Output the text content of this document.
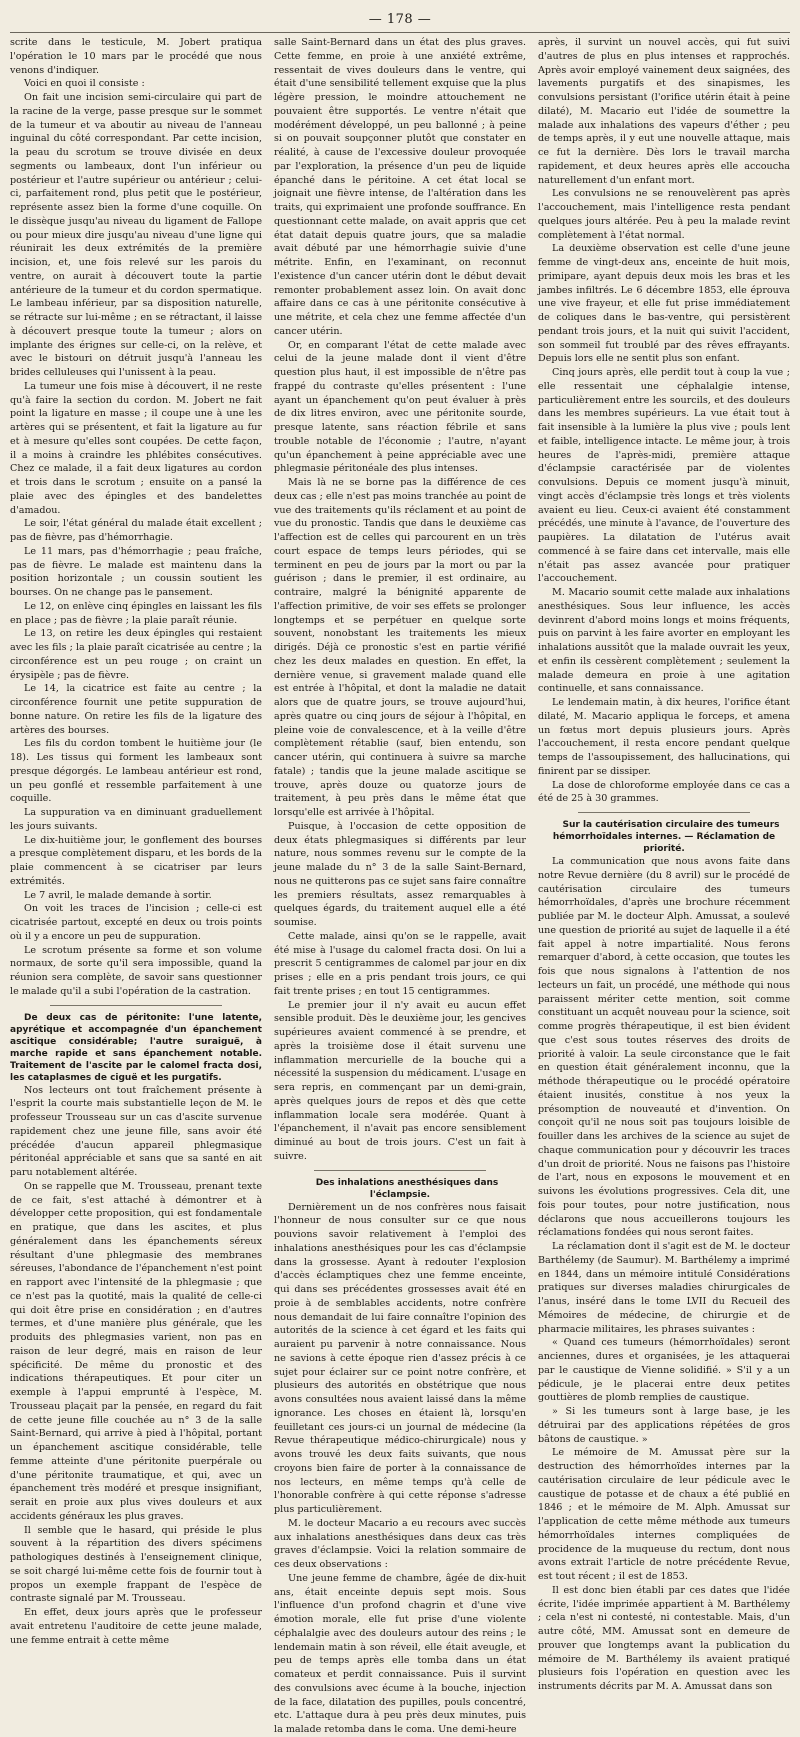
— 178 —

scrite dans le testicule, M. Jobert pratiqua l'opération le 10 mars par le procédé que nous venons d'indiquer.

Voici en quoi il consiste :

On fait une incision semi-circulaire qui part de la racine de la verge, passe presque sur le sommet de la tumeur et va aboutir au niveau de l'anneau inguinal du côté correspondant. Par cette incision, la peau du scrotum se trouve divisée en deux segments ou lambeaux, dont l'un inférieur ou postérieur et l'autre supérieur ou antérieur ; celui-ci, parfaitement rond, plus petit que le postérieur, représente assez bien la forme d'une coquille. On le dissèque jusqu'au niveau du ligament de Fallope ou pour mieux dire jusqu'au niveau d'une ligne qui réunirait les deux extrémités de la première incision, et, une fois relevé sur les parois du ventre, on aurait à découvert toute la partie antérieure de la tumeur et du cordon spermatique. Le lambeau inférieur, par sa disposition naturelle, se rétracte sur lui-même ; en se rétractant, il laisse à découvert presque toute la tumeur ; alors on implante des érignes sur celle-ci, on la relève, et avec le bistouri on détruit jusqu'à l'anneau les brides celluleuses qui l'unissent à la peau.

La tumeur une fois mise à découvert, il ne reste qu'à faire la section du cordon. M. Jobert ne fait point la ligature en masse ; il coupe une à une les artères qui se présentent, et fait la ligature au fur et à mesure qu'elles sont coupées. De cette façon, il a moins à craindre les phlébites consécutives. Chez ce malade, il a fait deux ligatures au cordon et trois dans le scrotum ; ensuite on a pansé la plaie avec des épingles et des bandelettes d'amadou.

Le soir, l'état général du malade était excellent ; pas de fièvre, pas d'hémorrhagie.

Le 11 mars, pas d'hémorrhagie ; peau fraîche, pas de fièvre. Le malade est maintenu dans la position horizontale ; un coussin soutient les bourses. On ne change pas le pansement.

Le 12, on enlève cinq épingles en laissant les fils en place ; pas de fièvre ; la plaie paraît réunie.

Le 13, on retire les deux épingles qui restaient avec les fils ; la plaie paraît cicatrisée au centre ; la circonférence est un peu rouge ; on craint un érysipèle ; pas de fièvre.

Le 14, la cicatrice est faite au centre ; la circonférence fournit une petite suppuration de bonne nature. On retire les fils de la ligature des artères des bourses.

Les fils du cordon tombent le huitième jour (le 18). Les tissus qui forment les lambeaux sont presque dégorgés. Le lambeau antérieur est rond, un peu gonflé et ressemble parfaitement à une coquille.

La suppuration va en diminuant graduellement les jours suivants.

Le dix-huitième jour, le gonflement des bourses a presque complètement disparu, et les bords de la plaie commencent à se cicatriser par leurs extrémités.

Le 7 avril, le malade demande à sortir.

On voit les traces de l'incision ; celle-ci est cicatrisée partout, excepté en deux ou trois points où il y a encore un peu de suppuration.

Le scrotum présente sa forme et son volume normaux, de sorte qu'il sera impossible, quand la réunion sera complète, de savoir sans questionner le malade qu'il a subi l'opération de la castration.

De deux cas de péritonite: l'une latente, apyrétique et accompagnée d'un épanchement ascitique considérable; l'autre suraiguë, à marche rapide et sans épanchement notable. Traitement de l'ascite par le calomel fracta dosi, les cataplasmes de ciguë et les purgatifs.

Nos lecteurs ont tout fraîchement présente à l'esprit la courte mais substantielle leçon de M. le professeur Trousseau sur un cas d'ascite survenue rapidement chez une jeune fille, sans avoir été précédée d'aucun appareil phlegmasique péritonéal appréciable et sans que sa santé en ait paru notablement altérée.

On se rappelle que M. Trousseau, prenant texte de ce fait, s'est attaché à démontrer et à développer cette proposition, qui est fondamentale en pratique, que dans les ascites, et plus généralement dans les épanchements séreux résultant d'une phlegmasie des membranes séreuses, l'abondance de l'épanchement n'est point en rapport avec l'intensité de la phlegmasie ; que ce n'est pas la quotité, mais la qualité de celle-ci qui doit être prise en considération ; en d'autres termes, et d'une manière plus générale, que les produits des phlegmasies varient, non pas en raison de leur degré, mais en raison de leur spécificité. De même du pronostic et des indications thérapeutiques. Et pour citer un exemple à l'appui emprunté à l'espèce, M. Trousseau plaçait par la pensée, en regard du fait de cette jeune fille couchée au n° 3 de la salle Saint-Bernard, qui arrive à pied à l'hôpital, portant un épanchement ascitique considérable, telle femme atteinte d'une péritonite puerpérale ou d'une péritonite traumatique, et qui, avec un épanchement très modéré et presque insignifiant, serait en proie aux plus vives douleurs et aux accidents généraux les plus graves.

Il semble que le hasard, qui préside le plus souvent à la répartition des divers spécimens pathologiques destinés à l'enseignement clinique, se soit chargé lui-même cette fois de fournir tout à propos un exemple frappant de l'espèce de contraste signalé par M. Trousseau.

En effet, deux jours après que le professeur avait entretenu l'auditoire de cette jeune malade, une femme entrait à cette même

salle Saint-Bernard dans un état des plus graves. Cette femme, en proie à une anxiété extrême, ressentait de vives douleurs dans le ventre, qui était d'une sensibilité tellement exquise que la plus légère pression, le moindre attouchement ne pouvaient être supportés. Le ventre n'était que modérément développé, un peu ballonné ; à peine si on pouvait soupçonner plutôt que constater en réalité, à cause de l'excessive douleur provoquée par l'exploration, la présence d'un peu de liquide épanché dans le péritoine. A cet état local se joignait une fièvre intense, de l'altération dans les traits, qui exprimaient une profonde souffrance. En questionnant cette malade, on avait appris que cet état datait depuis quatre jours, que sa maladie avait débuté par une hémorrhagie suivie d'une métrite. Enfin, en l'examinant, on reconnut l'existence d'un cancer utérin dont le début devait remonter probablement assez loin. On avait donc affaire dans ce cas à une péritonite consécutive à une métrite, et cela chez une femme affectée d'un cancer utérin.

Or, en comparant l'état de cette malade avec celui de la jeune malade dont il vient d'être question plus haut, il est impossible de n'être pas frappé du contraste qu'elles présentent : l'une ayant un épanchement qu'on peut évaluer à près de dix litres environ, avec une péritonite sourde, presque latente, sans réaction fébrile et sans trouble notable de l'économie ; l'autre, n'ayant qu'un épanchement à peine appréciable avec une phlegmasie péritonéale des plus intenses.

Mais là ne se borne pas la différence de ces deux cas ; elle n'est pas moins tranchée au point de vue des traitements qu'ils réclament et au point de vue du pronostic. Tandis que dans le deuxième cas l'affection est de celles qui parcourent en un très court espace de temps leurs périodes, qui se terminent en peu de jours par la mort ou par la guérison ; dans le premier, il est ordinaire, au contraire, malgré la bénignité apparente de l'affection primitive, de voir ses effets se prolonger longtemps et se perpétuer en quelque sorte souvent, nonobstant les traitements les mieux dirigés. Déjà ce pronostic s'est en partie vérifié chez les deux malades en question. En effet, la dernière venue, si gravement malade quand elle est entrée à l'hôpital, et dont la maladie ne datait alors que de quatre jours, se trouve aujourd'hui, après quatre ou cinq jours de séjour à l'hôpital, en pleine voie de convalescence, et à la veille d'être complètement rétablie (sauf, bien entendu, son cancer utérin, qui continuera à suivre sa marche fatale) ; tandis que la jeune malade ascitique se trouve, après douze ou quatorze jours de traitement, à peu près dans le même état que lorsqu'elle est arrivée à l'hôpital.

Puisque, à l'occasion de cette opposition de deux états phlegmasiques si différents par leur nature, nous sommes revenu sur le compte de la jeune malade du n° 3 de la salle Saint-Bernard, nous ne quitterons pas ce sujet sans faire connaître les premiers résultats, assez remarquables à quelques égards, du traitement auquel elle a été soumise.

Cette malade, ainsi qu'on se le rappelle, avait été mise à l'usage du calomel fracta dosi. On lui a prescrit 5 centigrammes de calomel par jour en dix prises ; elle en a pris pendant trois jours, ce qui fait trente prises ; en tout 15 centigrammes.

Le premier jour il n'y avait eu aucun effet sensible produit. Dès le deuxième jour, les gencives supérieures avaient commencé à se prendre, et après la troisième dose il était survenu une inflammation mercurielle de la bouche qui a nécessité la suspension du médicament. L'usage en sera repris, en commençant par un demi-grain, après quelques jours de repos et dès que cette inflammation locale sera modérée. Quant à l'épanchement, il n'avait pas encore sensiblement diminué au bout de trois jours. C'est un fait à suivre.

Des inhalations anesthésiques dans l'éclampsie.

Dernièrement un de nos confrères nous faisait l'honneur de nous consulter sur ce que nous pouvions savoir relativement à l'emploi des inhalations anesthésiques pour les cas d'éclampsie dans la grossesse. Ayant à redouter l'explosion d'accès éclamptiques chez une femme enceinte, qui dans ses précédentes grossesses avait été en proie à de semblables accidents, notre confrère nous demandait de lui faire connaître l'opinion des autorités de la science à cet égard et les faits qui auraient pu parvenir à notre connaissance. Nous ne savions à cette époque rien d'assez précis à ce sujet pour éclairer sur ce point notre confrère, et plusieurs des autorités en obstétrique que nous avons consultées nous avaient laissé dans la même ignorance. Les choses en étaient là, lorsqu'en feuilletant ces jours-ci un journal de médecine (la Revue thérapeutique médico-chirurgicale) nous y avons trouvé les deux faits suivants, que nous croyons bien faire de porter à la connaissance de nos lecteurs, en même temps qu'à celle de l'honorable confrère à qui cette réponse s'adresse plus particulièrement.

M. le docteur Macario a eu recours avec succès aux inhalations anesthésiques dans deux cas très graves d'éclampsie. Voici la relation sommaire de ces deux observations :

Une jeune femme de chambre, âgée de dix-huit ans, était enceinte depuis sept mois. Sous l'influence d'un profond chagrin et d'une vive émotion morale, elle fut prise d'une violente céphalalgie avec des douleurs autour des reins ; le lendemain matin à son réveil, elle était aveugle, et peu de temps après elle tomba dans un état comateux et perdit connaissance. Puis il survint des convulsions avec écume à la bouche, injection de la face, dilatation des pupilles, pouls concentré, etc. L'attaque dura à peu près deux minutes, puis la malade retomba dans le coma. Une demi-heure

après, il survint un nouvel accès, qui fut suivi d'autres de plus en plus intenses et rapprochés. Après avoir employé vainement deux saignées, des lavements purgatifs et des sinapismes, les convulsions persistant (l'orifice utérin était à peine dilaté), M. Macario eut l'idée de soumettre la malade aux inhalations des vapeurs d'éther ; peu de temps après, il y eut une nouvelle attaque, mais ce fut la dernière. Dès lors le travail marcha rapidement, et deux heures après elle accoucha naturellement d'un enfant mort.

Les convulsions ne se renouvelèrent pas après l'accouchement, mais l'intelligence resta pendant quelques jours altérée. Peu à peu la malade revint complètement à l'état normal.

La deuxième observation est celle d'une jeune femme de vingt-deux ans, enceinte de huit mois, primipare, ayant depuis deux mois les bras et les jambes infiltrés. Le 6 décembre 1853, elle éprouva une vive frayeur, et elle fut prise immédiatement de coliques dans le bas-ventre, qui persistèrent pendant trois jours, et la nuit qui suivit l'accident, son sommeil fut troublé par des rêves effrayants. Depuis lors elle ne sentit plus son enfant.

Cinq jours après, elle perdit tout à coup la vue ; elle ressentait une céphalalgie intense, particulièrement entre les sourcils, et des douleurs dans les membres supérieurs. La vue était tout à fait insensible à la lumière la plus vive ; pouls lent et faible, intelligence intacte. Le même jour, à trois heures de l'après-midi, première attaque d'éclampsie caractérisée par de violentes convulsions. Depuis ce moment jusqu'à minuit, vingt accès d'éclampsie très longs et très violents avaient eu lieu. Ceux-ci avaient été constamment précédés, une minute à l'avance, de l'ouverture des paupières. La dilatation de l'utérus avait commencé à se faire dans cet intervalle, mais elle n'était pas assez avancée pour pratiquer l'accouchement.

M. Macario soumit cette malade aux inhalations anesthésiques. Sous leur influence, les accès devinrent d'abord moins longs et moins fréquents, puis on parvint à les faire avorter en employant les inhalations aussitôt que la malade ouvrait les yeux, et enfin ils cessèrent complètement ; seulement la malade demeura en proie à une agitation continuelle, et sans connaissance.

Le lendemain matin, à dix heures, l'orifice étant dilaté, M. Macario appliqua le forceps, et amena un fœtus mort depuis plusieurs jours. Après l'accouchement, il resta encore pendant quelque temps de l'assoupissement, des hallucinations, qui finirent par se dissiper.

La dose de chloroforme employée dans ce cas a été de 25 à 30 grammes.

Sur la cautérisation circulaire des tumeurs hémorrhoïdales internes. — Réclamation de priorité.

La communication que nous avons faite dans notre Revue dernière (du 8 avril) sur le procédé de cautérisation circulaire des tumeurs hémorrhoïdales, d'après une brochure récemment publiée par M. le docteur Alph. Amussat, a soulevé une question de priorité au sujet de laquelle il a été fait appel à notre impartialité. Nous ferons remarquer d'abord, à cette occasion, que toutes les fois que nous signalons à l'attention de nos lecteurs un fait, un procédé, une méthode qui nous paraissent mériter cette mention, soit comme constituant un acquêt nouveau pour la science, soit comme progrès thérapeutique, il est bien évident que c'est sous toutes réserves des droits de priorité à valoir. La seule circonstance que le fait en question était généralement inconnu, que la méthode thérapeutique ou le procédé opératoire étaient inusités, constitue à nos yeux la présomption de nouveauté et d'invention. On conçoit qu'il ne nous soit pas toujours loisible de fouiller dans les archives de la science au sujet de chaque communication pour y découvrir les traces d'un droit de priorité. Nous ne faisons pas l'histoire de l'art, nous en exposons le mouvement et en suivons les évolutions progressives. Cela dit, une fois pour toutes, pour notre justification, nous déclarons que nous accueillerons toujours les réclamations fondées qui nous seront faites.

La réclamation dont il s'agit est de M. le docteur Barthélemy (de Saumur). M. Barthélemy a imprimé en 1844, dans un mémoire intitulé Considérations pratiques sur diverses maladies chirurgicales de l'anus, inséré dans le tome LVII du Recueil des Mémoires de médecine, de chirurgie et de pharmacie militaires, les phrases suivantes :

« Quand ces tumeurs (hémorrhoïdales) seront anciennes, dures et organisées, je les attaquerai par le caustique de Vienne solidifié. » S'il y a un pédicule, je le placerai entre deux petites gouttières de plomb remplies de caustique.

» Si les tumeurs sont à large base, je les détruirai par des applications répétées de gros bâtons de caustique. »

Le mémoire de M. Amussat père sur la destruction des hémorrhoïdes internes par la cautérisation circulaire de leur pédicule avec le caustique de potasse et de chaux a été publié en 1846 ; et le mémoire de M. Alph. Amussat sur l'application de cette même méthode aux tumeurs hémorrhoïdales internes compliquées de procidence de la muqueuse du rectum, dont nous avons extrait l'article de notre précédente Revue, est tout récent ; il est de 1853.

Il est donc bien établi par ces dates que l'idée écrite, l'idée imprimée appartient à M. Barthélemy ; cela n'est ni contesté, ni contestable. Mais, d'un autre côté, MM. Amussat sont en demeure de prouver que longtemps avant la publication du mémoire de M. Barthélemy ils avaient pratiqué plusieurs fois l'opération en question avec les instruments décrits par M. A. Amussat dans son
